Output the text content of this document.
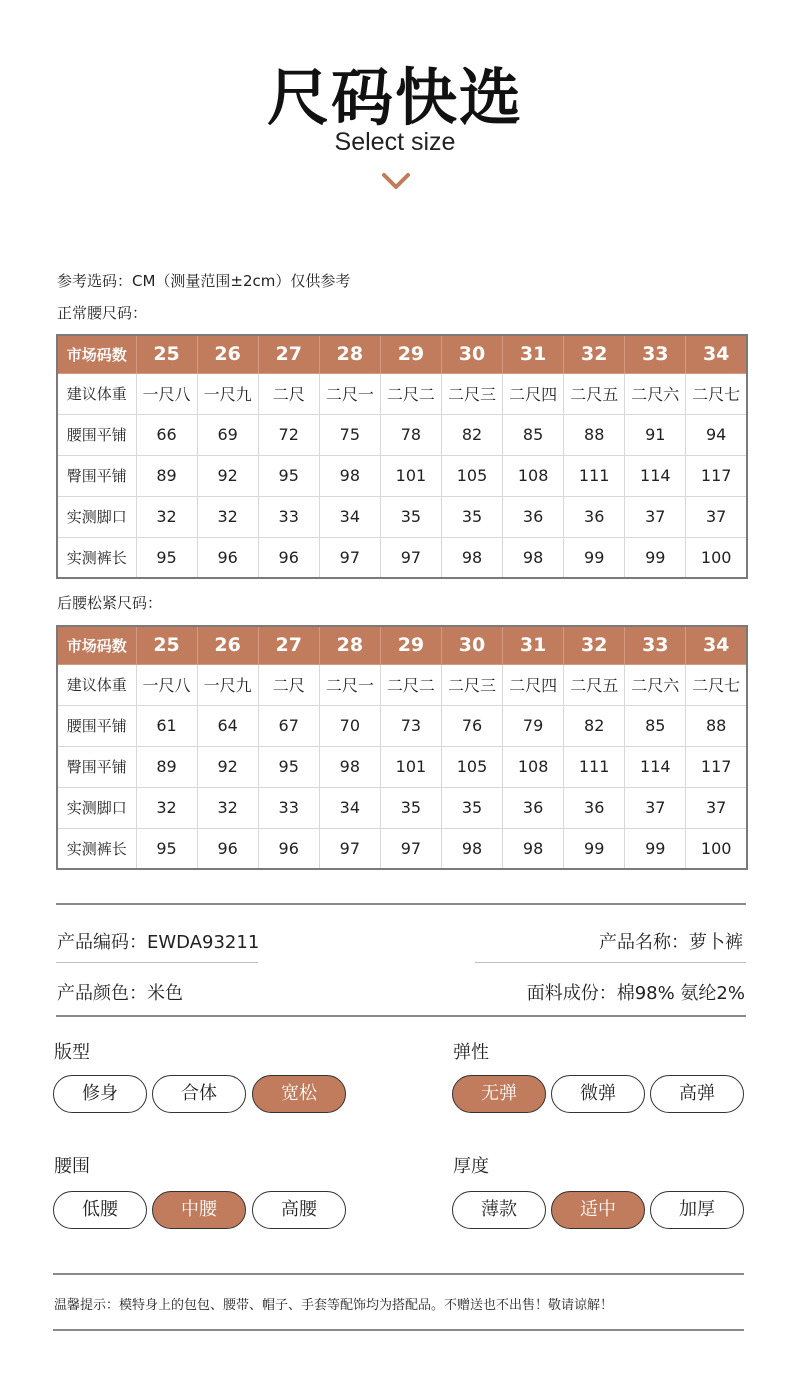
尺码快选
Select size
参考选码：CM（测量范围±2cm）仅供参考
正常腰尺码：
市场码数	25	26	27	28	29	30	31	32	33	34
建议体重	一尺八	一尺九	二尺	二尺一	二尺二	二尺三	二尺四	二尺五	二尺六	二尺七
腰围平铺	66	69	72	75	78	82	85	88	91	94
臀围平铺	89	92	95	98	101	105	108	111	114	117
实测脚口	32	32	33	34	35	35	36	36	37	37
实测裤长	95	96	96	97	97	98	98	99	99	100
后腰松紧尺码：
市场码数	25	26	27	28	29	30	31	32	33	34
建议体重	一尺八	一尺九	二尺	二尺一	二尺二	二尺三	二尺四	二尺五	二尺六	二尺七
腰围平铺	61	64	67	70	73	76	79	82	85	88
臀围平铺	89	92	95	98	101	105	108	111	114	117
实测脚口	32	32	33	34	35	35	36	36	37	37
实测裤长	95	96	96	97	97	98	98	99	99	100
产品编码：EWDA93211	产品名称：萝卜裤
产品颜色：米色	面料成份：棉98% 氨纶2%
版型
修身	合体	宽松
弹性
无弹	微弹	高弹
腰围
低腰	中腰	高腰
厚度
薄款	适中	加厚
温馨提示：模特身上的包包、腰带、帽子、手套等配饰均为搭配品。不赠送也不出售！敬请谅解！
